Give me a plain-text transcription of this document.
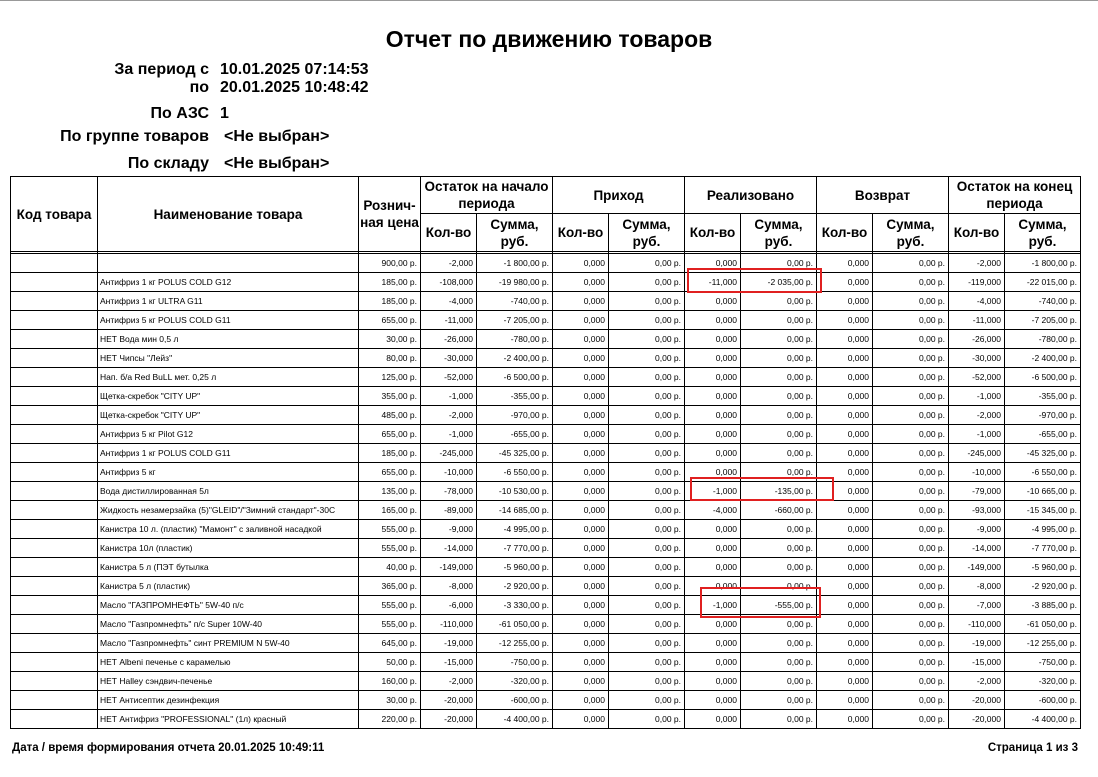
Отчет по движению товаров
За период с 10.01.2025 07:14:53
по 20.01.2025 10:48:42
По АЗС 1
По группе товаров <Не выбран>
По складу <Не выбран>
Код товара	Наименование товара	Рознич-ная цена	Остаток на начало периода		Приход		Реализовано		Возврат		Остаток на конец периода	
			Кол-во	Сумма, руб.	Кол-во	Сумма, руб.	Кол-во	Сумма, руб.	Кол-во	Сумма, руб.	Кол-во	Сумма, руб.

		900,00 р.	-2,000	-1 800,00 р.	0,000	0,00 р.	0,000	0,00 р.	0,000	0,00 р.	-2,000	-1 800,00 р.
	Антифриз 1 кг POLUS COLD G12	185,00 р.	-108,000	-19 980,00 р.	0,000	0,00 р.	-11,000	-2 035,00 р.	0,000	0,00 р.	-119,000	-22 015,00 р.
	Антифриз 1 кг ULTRA G11	185,00 р.	-4,000	-740,00 р.	0,000	0,00 р.	0,000	0,00 р.	0,000	0,00 р.	-4,000	-740,00 р.
	Антифриз 5 кг POLUS COLD G11	655,00 р.	-11,000	-7 205,00 р.	0,000	0,00 р.	0,000	0,00 р.	0,000	0,00 р.	-11,000	-7 205,00 р.
	НЕТ Вода мин 0,5 л	30,00 р.	-26,000	-780,00 р.	0,000	0,00 р.	0,000	0,00 р.	0,000	0,00 р.	-26,000	-780,00 р.
	НЕТ Чипсы "Лейз"	80,00 р.	-30,000	-2 400,00 р.	0,000	0,00 р.	0,000	0,00 р.	0,000	0,00 р.	-30,000	-2 400,00 р.
	Нап. б/а Red BuLL мет. 0,25 л	125,00 р.	-52,000	-6 500,00 р.	0,000	0,00 р.	0,000	0,00 р.	0,000	0,00 р.	-52,000	-6 500,00 р.
	Щетка-скребок "CITY UP"	355,00 р.	-1,000	-355,00 р.	0,000	0,00 р.	0,000	0,00 р.	0,000	0,00 р.	-1,000	-355,00 р.
	Щетка-скребок "CITY UP"	485,00 р.	-2,000	-970,00 р.	0,000	0,00 р.	0,000	0,00 р.	0,000	0,00 р.	-2,000	-970,00 р.
	Антифриз 5 кг Pilot G12	655,00 р.	-1,000	-655,00 р.	0,000	0,00 р.	0,000	0,00 р.	0,000	0,00 р.	-1,000	-655,00 р.
	Антифриз 1 кг POLUS COLD G11	185,00 р.	-245,000	-45 325,00 р.	0,000	0,00 р.	0,000	0,00 р.	0,000	0,00 р.	-245,000	-45 325,00 р.
	Антифриз 5 кг	655,00 р.	-10,000	-6 550,00 р.	0,000	0,00 р.	0,000	0,00 р.	0,000	0,00 р.	-10,000	-6 550,00 р.
	Вода дистиллированная 5л	135,00 р.	-78,000	-10 530,00 р.	0,000	0,00 р.	-1,000	-135,00 р.	0,000	0,00 р.	-79,000	-10 665,00 р.
	Жидкость незамерзайка (5)"GLEID"/"Зимний стандарт"-30С	165,00 р.	-89,000	-14 685,00 р.	0,000	0,00 р.	-4,000	-660,00 р.	0,000	0,00 р.	-93,000	-15 345,00 р.
	Канистра 10 л. (пластик) "Мамонт" с заливной насадкой	555,00 р.	-9,000	-4 995,00 р.	0,000	0,00 р.	0,000	0,00 р.	0,000	0,00 р.	-9,000	-4 995,00 р.
	Канистра 10л (пластик)	555,00 р.	-14,000	-7 770,00 р.	0,000	0,00 р.	0,000	0,00 р.	0,000	0,00 р.	-14,000	-7 770,00 р.
	Канистра 5 л (ПЭТ бутылка	40,00 р.	-149,000	-5 960,00 р.	0,000	0,00 р.	0,000	0,00 р.	0,000	0,00 р.	-149,000	-5 960,00 р.
	Канистра 5 л (пластик)	365,00 р.	-8,000	-2 920,00 р.	0,000	0,00 р.	0,000	0,00 р.	0,000	0,00 р.	-8,000	-2 920,00 р.
	Масло "ГАЗПРОМНЕФТЬ" 5W-40 п/с	555,00 р.	-6,000	-3 330,00 р.	0,000	0,00 р.	-1,000	-555,00 р.	0,000	0,00 р.	-7,000	-3 885,00 р.
	Масло "Газпромнефть" п/с Super 10W-40	555,00 р.	-110,000	-61 050,00 р.	0,000	0,00 р.	0,000	0,00 р.	0,000	0,00 р.	-110,000	-61 050,00 р.
	Масло "Газпромнефть" синт PREMIUM N 5W-40	645,00 р.	-19,000	-12 255,00 р.	0,000	0,00 р.	0,000	0,00 р.	0,000	0,00 р.	-19,000	-12 255,00 р.
	НЕТ Albeni печенье с карамелью	50,00 р.	-15,000	-750,00 р.	0,000	0,00 р.	0,000	0,00 р.	0,000	0,00 р.	-15,000	-750,00 р.
	НЕТ Halley сэндвич-печенье	160,00 р.	-2,000	-320,00 р.	0,000	0,00 р.	0,000	0,00 р.	0,000	0,00 р.	-2,000	-320,00 р.
	НЕТ Антисептик дезинфекция	30,00 р.	-20,000	-600,00 р.	0,000	0,00 р.	0,000	0,00 р.	0,000	0,00 р.	-20,000	-600,00 р.
	НЕТ Антифриз "PROFESSIONAL" (1л) красный	220,00 р.	-20,000	-4 400,00 р.	0,000	0,00 р.	0,000	0,00 р.	0,000	0,00 р.	-20,000	-4 400,00 р.
Дата / время формирования отчета 20.01.2025 10:49:11	Страница 1 из 3
